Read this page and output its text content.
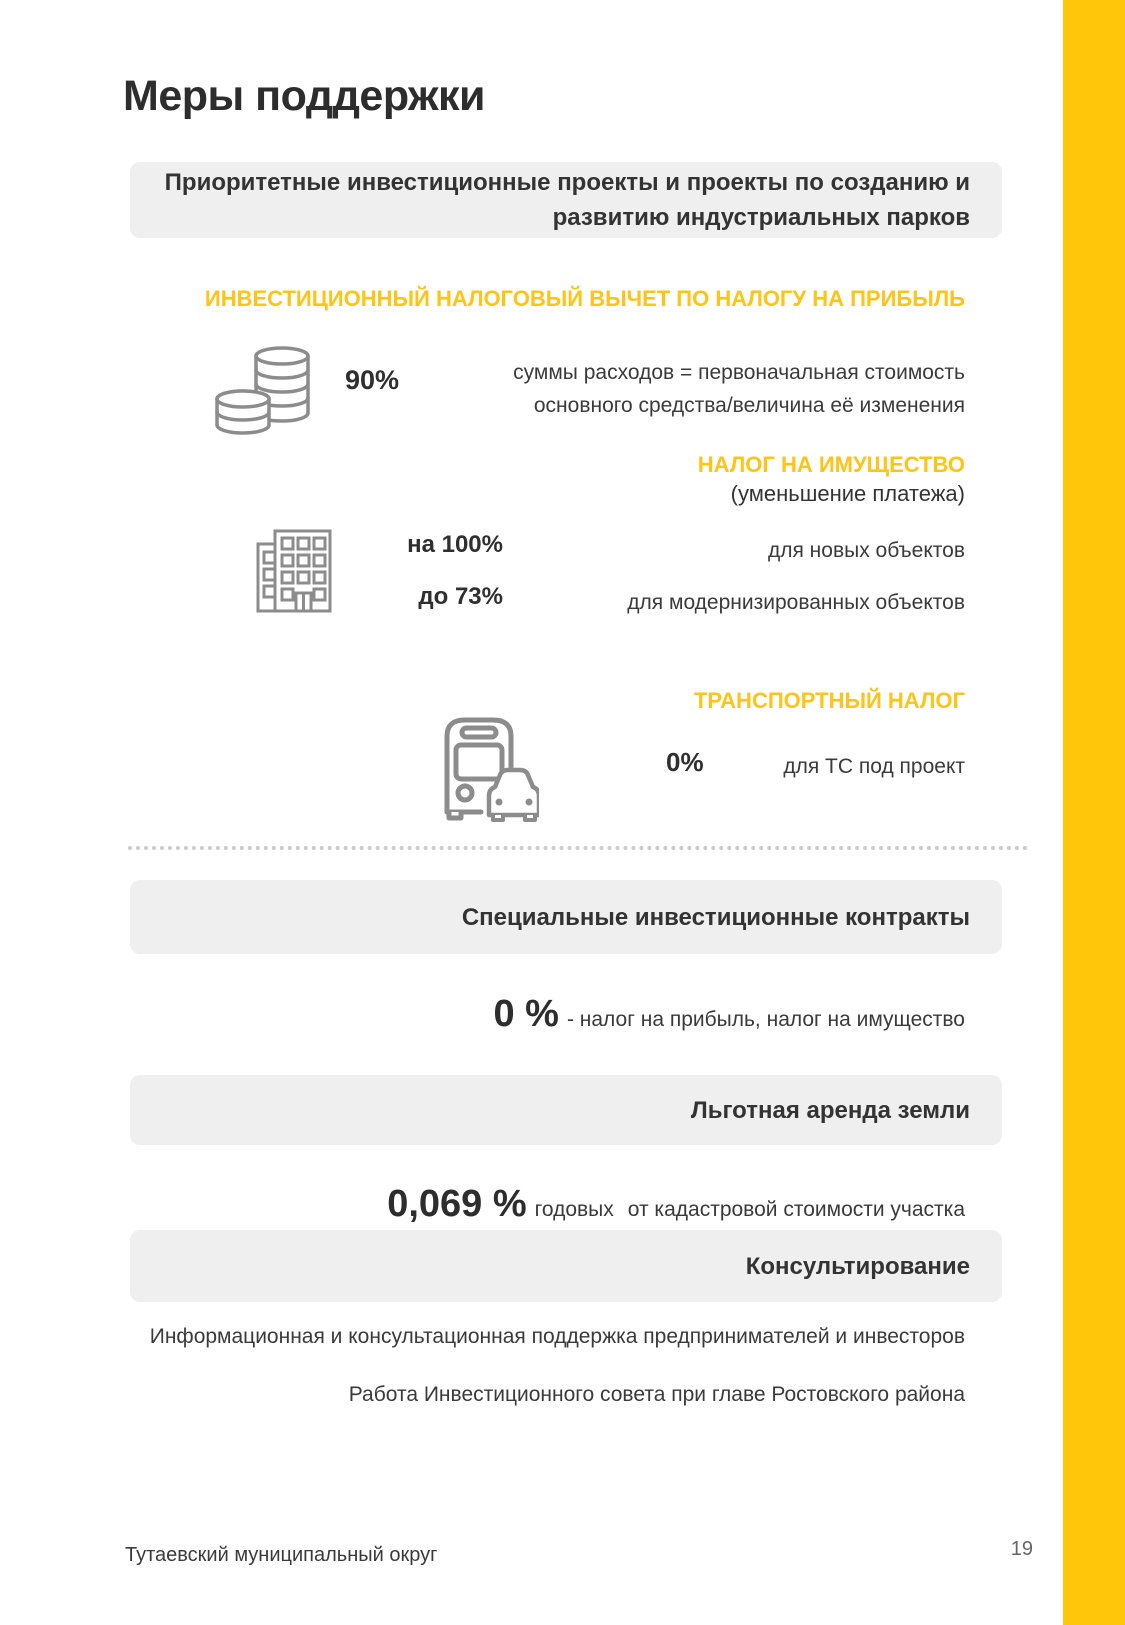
Меры поддержки
Приоритетные инвестиционные проекты и проекты по созданию и
развитию индустриальных парков
ИНВЕСТИЦИОННЫЙ НАЛОГОВЫЙ ВЫЧЕТ ПО НАЛОГУ НА ПРИБЫЛЬ
90%	суммы расходов = первоначальная стоимость
основного средства/величина её изменения
НАЛОГ НА ИМУЩЕСТВО
(уменьшение платежа)
на 100%	для новых объектов
до 73%	для модернизированных объектов
ТРАНСПОРТНЫЙ НАЛОГ
0%	для ТС под проект
Специальные инвестиционные контракты
0 % - налог на прибыль, налог на имущество
Льготная аренда земли
0,069 % годовых от кадастровой стоимости участка
Консультирование
Информационная и консультационная поддержка предпринимателей и инвесторов
Работа Инвестиционного совета при главе Ростовского района
Тутаевский муниципальный округ	19
